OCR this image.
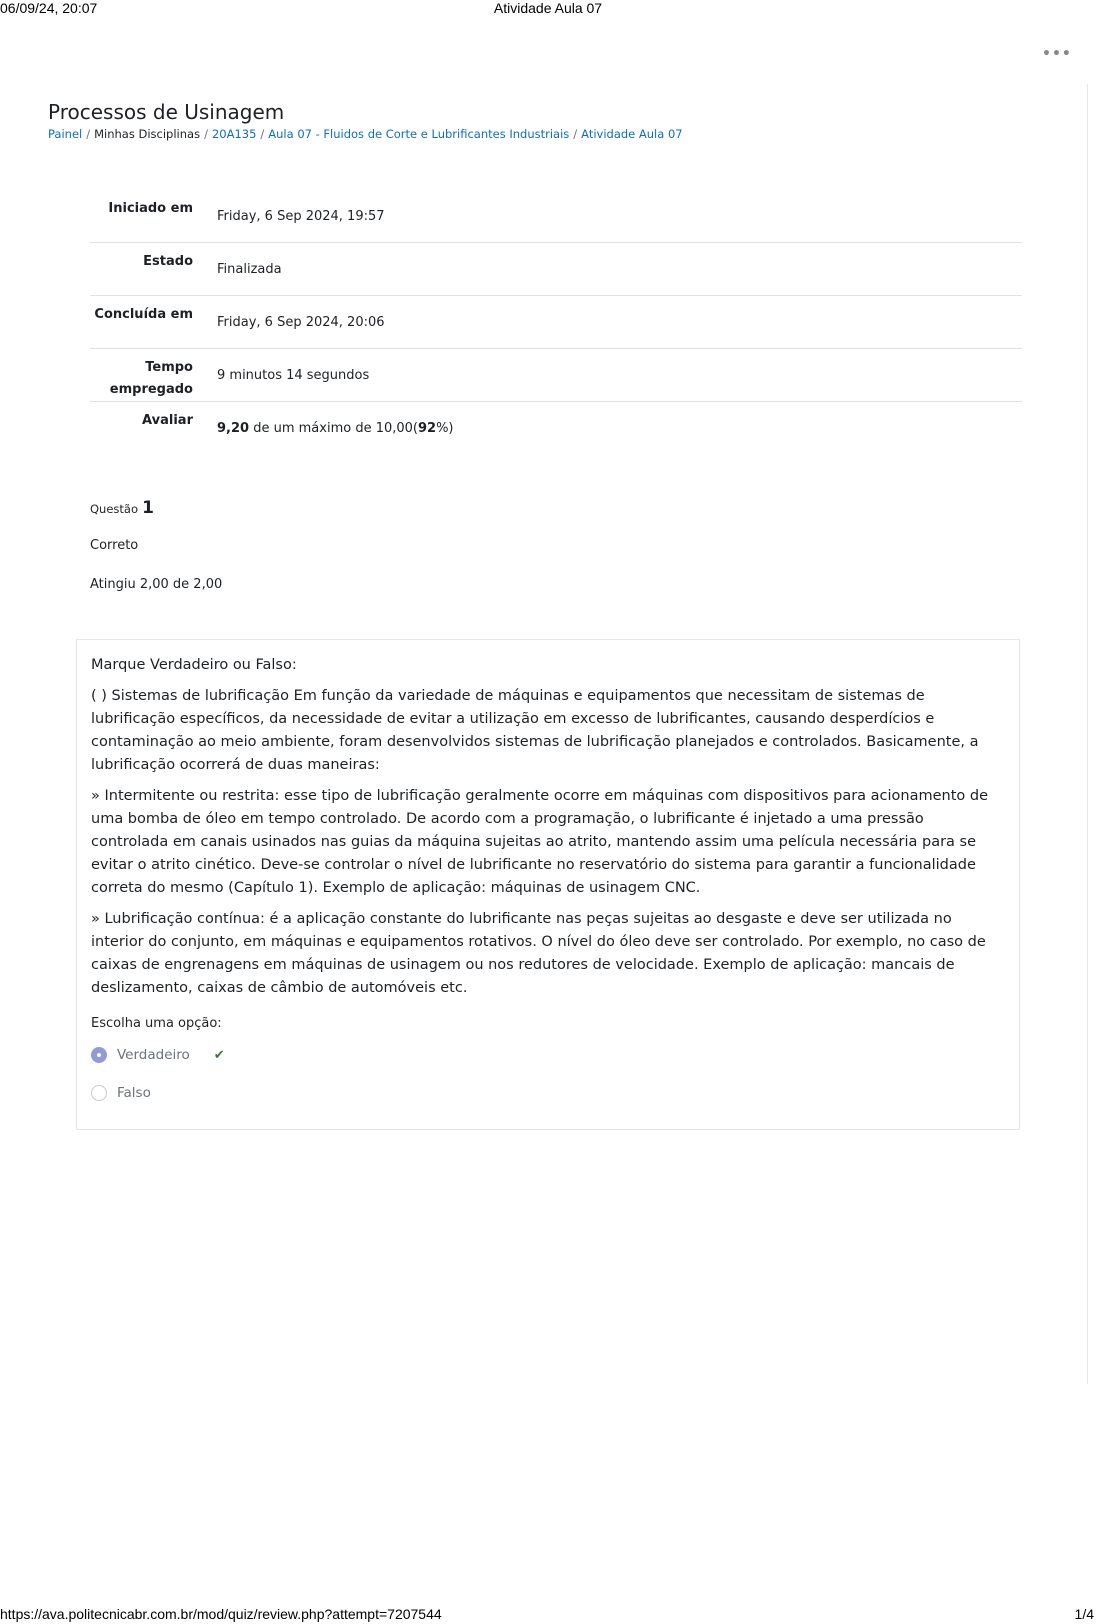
06/09/24, 20:07	Atividade Aula 07
•••
Processos de Usinagem
Painel / Minhas Disciplinas / 20A135 / Aula 07 - Fluidos de Corte e Lubrificantes Industriais / Atividade Aula 07
Iniciado em
Friday, 6 Sep 2024, 19:57
Estado
Finalizada
Concluída em
Friday, 6 Sep 2024, 20:06
Tempo
empregado
9 minutos 14 segundos
Avaliar
9,20 de um máximo de 10,00(92%)
Questão 1
Correto
Atingiu 2,00 de 2,00

Marque Verdadeiro ou Falso:

( ) Sistemas de lubrificação Em função da variedade de máquinas e equipamentos que necessitam de sistemas de lubrificação específicos, da necessidade de evitar a utilização em excesso de lubrificantes, causando desperdícios e contaminação ao meio ambiente, foram desenvolvidos sistemas de lubrificação planejados e controlados. Basicamente, a lubrificação ocorrerá de duas maneiras:

» Intermitente ou restrita: esse tipo de lubrificação geralmente ocorre em máquinas com dispositivos para acionamento de uma bomba de óleo em tempo controlado. De acordo com a programação, o lubrificante é injetado a uma pressão controlada em canais usinados nas guias da máquina sujeitas ao atrito, mantendo assim uma película necessária para se evitar o atrito cinético. Deve-se controlar o nível de lubrificante no reservatório do sistema para garantir a funcionalidade correta do mesmo (Capítulo 1). Exemplo de aplicação: máquinas de usinagem CNC.

» Lubrificação contínua: é a aplicação constante do lubrificante nas peças sujeitas ao desgaste e deve ser utilizada no interior do conjunto, em máquinas e equipamentos rotativos. O nível do óleo deve ser controlado. Por exemplo, no caso de caixas de engrenagens em máquinas de usinagem ou nos redutores de velocidade. Exemplo de aplicação: mancais de deslizamento, caixas de câmbio de automóveis etc.

Escolha uma opção:
Verdadeiro ✔
Falso
https://ava.politecnicabr.com.br/mod/quiz/review.php?attempt=7207544	1/4
